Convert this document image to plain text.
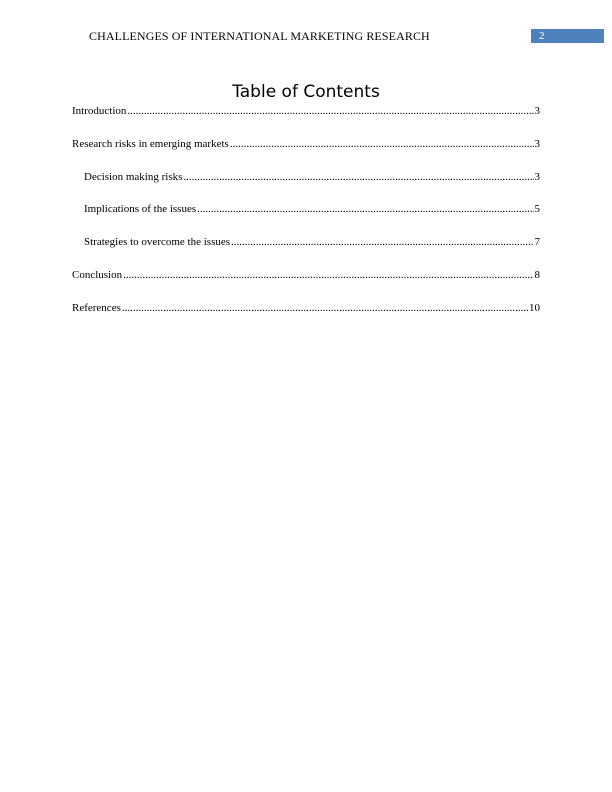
CHALLENGES OF INTERNATIONAL MARKETING RESEARCH	2
Table of Contents
Introduction .....	3
Research risks in emerging markets .....	3
Decision making risks .....	3
Implications of the issues .....	5
Strategies to overcome the issues .....	7
Conclusion .....	8
References .....	10
